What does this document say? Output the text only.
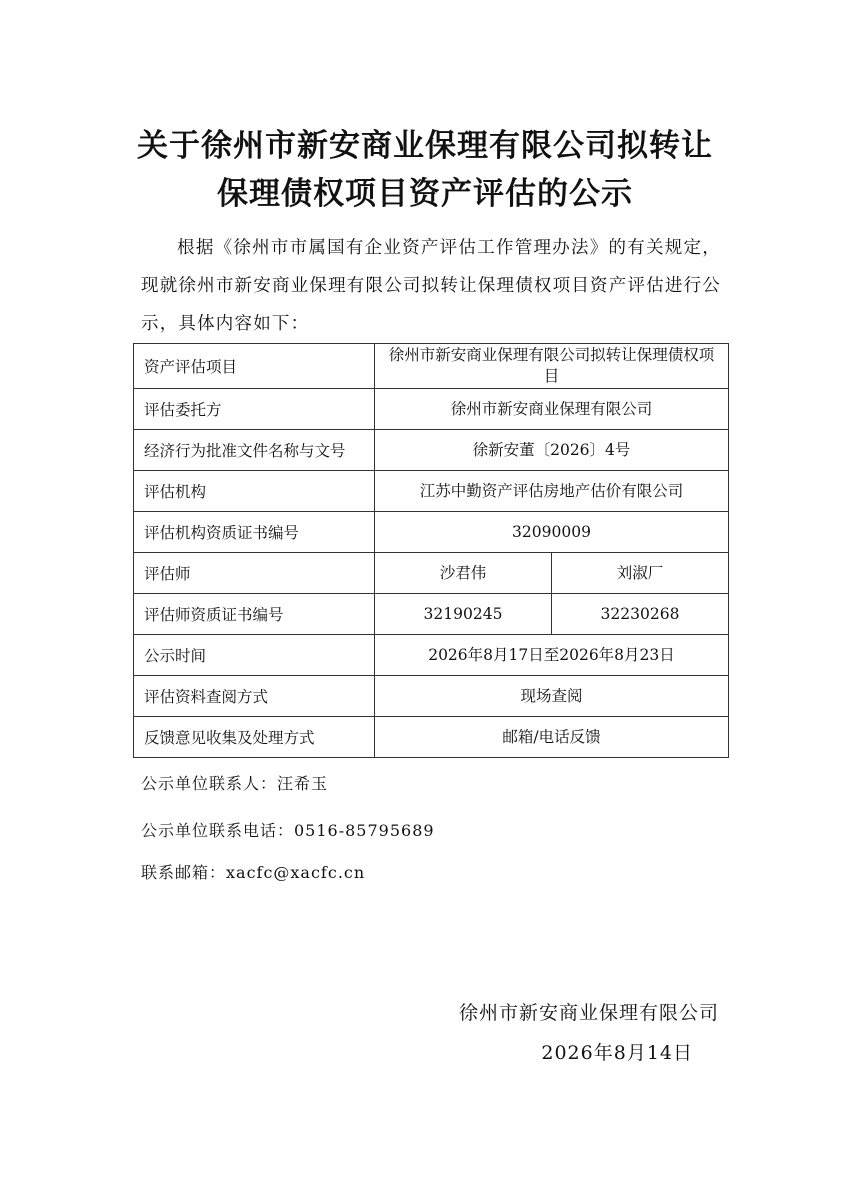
关于徐州市新安商业保理有限公司拟转让
保理债权项目资产评估的公示
根据《徐州市市属国有企业资产评估工作管理办法》的有关规定，现就徐州市新安商业保理有限公司拟转让保理债权项目资产评估进行公示，具体内容如下：
资产评估项目	徐州市新安商业保理有限公司拟转让保理债权项目	
评估委托方	徐州市新安商业保理有限公司	
经济行为批准文件名称与文号	徐新安董〔2026〕4号	
评估机构	江苏中勤资产评估房地产估价有限公司	
评估机构资质证书编号	32090009	
评估师	沙君伟	刘淑厂
评估师资质证书编号	32190245	32230268
公示时间	2026年8月17日至2026年8月23日	
评估资料查阅方式	现场查阅	
反馈意见收集及处理方式	邮箱/电话反馈	
公示单位联系人：汪希玉
公示单位联系电话：0516-85795689
联系邮箱：xacfc@xacfc.cn
徐州市新安商业保理有限公司
2026年8月14日
